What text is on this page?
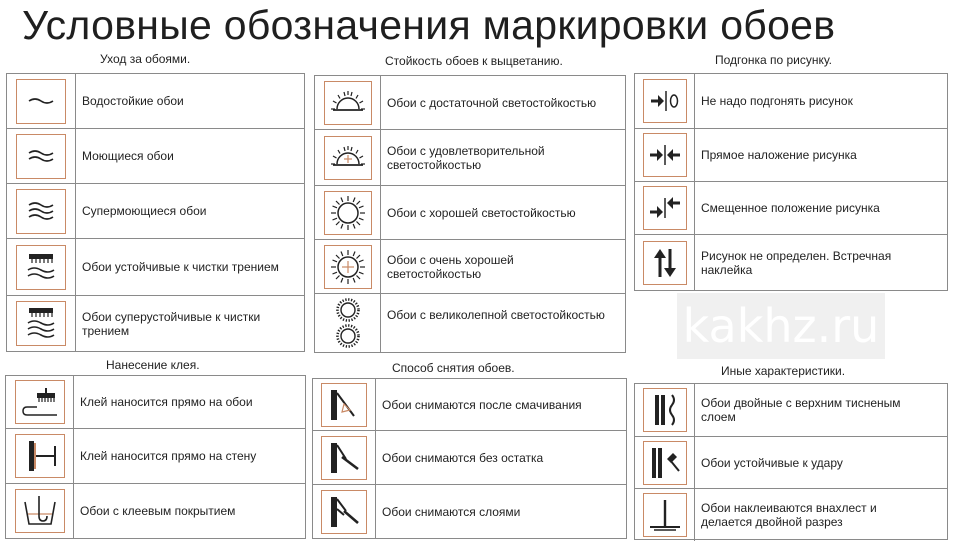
Условные обозначения маркировки обоев
Уход за обоями.
Водостойкие обои
Моющиеся обои
Супермоющиеся обои
Обои устойчивые к чистки трением
Обои суперустойчивые к чистки трением
Стойкость обоев к выцветанию.
Обои с достаточной светостойкостью
Обои с удовлетворительной светостойкостью
Обои с хорошей светостойкостью
Обои с очень хорошей светостойкостью
Обои с великолепной светостойкостью
Подгонка по рисунку.
Не надо подгонять рисунок
Прямое наложение рисунка
Смещенное положение рисунка
Рисунок не определен. Встречная наклейка
kakhz.ru
Нанесение клея.
Клей наносится прямо на обои
Клей наносится прямо на стену
Обои с клеевым покрытием
Способ снятия обоев.
Обои снимаются после смачивания
Обои снимаются без остатка
Обои снимаются слоями
Иные характеристики.
Обои двойные с верхним тисненым слоем
Обои устойчивые к удару
Обои наклеиваются внахлест и делается двойной разрез
